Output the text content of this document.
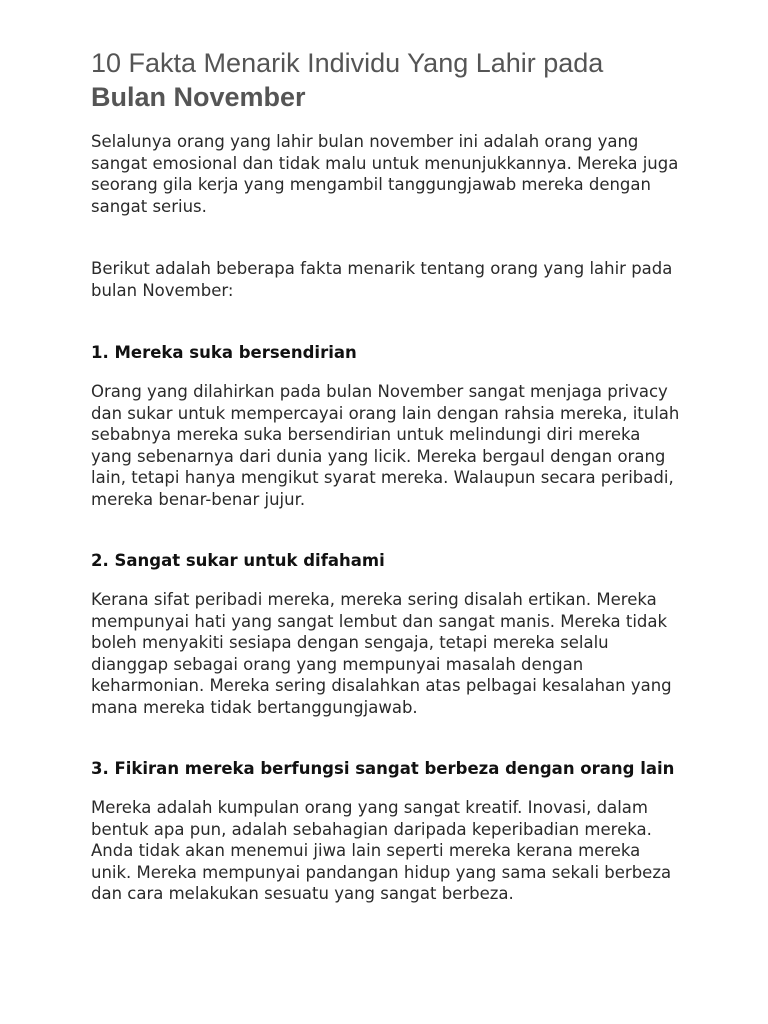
10 Fakta Menarik Individu Yang Lahir pada
Bulan November

Selalunya orang yang lahir bulan november ini adalah orang yang sangat emosional dan tidak malu untuk menunjukkannya. Mereka juga seorang gila kerja yang mengambil tanggungjawab mereka dengan sangat serius.

Berikut adalah beberapa fakta menarik tentang orang yang lahir pada bulan November:

1. Mereka suka bersendirian

Orang yang dilahirkan pada bulan November sangat menjaga privacy dan sukar untuk mempercayai orang lain dengan rahsia mereka, itulah sebabnya mereka suka bersendirian untuk melindungi diri mereka yang sebenarnya dari dunia yang licik. Mereka bergaul dengan orang lain, tetapi hanya mengikut syarat mereka. Walaupun secara peribadi, mereka benar-benar jujur.

2. Sangat sukar untuk difahami

Kerana sifat peribadi mereka, mereka sering disalah ertikan. Mereka mempunyai hati yang sangat lembut dan sangat manis. Mereka tidak boleh menyakiti sesiapa dengan sengaja, tetapi mereka selalu dianggap sebagai orang yang mempunyai masalah dengan keharmonian. Mereka sering disalahkan atas pelbagai kesalahan yang mana mereka tidak bertanggungjawab.

3. Fikiran mereka berfungsi sangat berbeza dengan orang lain

Mereka adalah kumpulan orang yang sangat kreatif. Inovasi, dalam bentuk apa pun, adalah sebahagian daripada keperibadian mereka. Anda tidak akan menemui jiwa lain seperti mereka kerana mereka unik. Mereka mempunyai pandangan hidup yang sama sekali berbeza dan cara melakukan sesuatu yang sangat berbeza.
